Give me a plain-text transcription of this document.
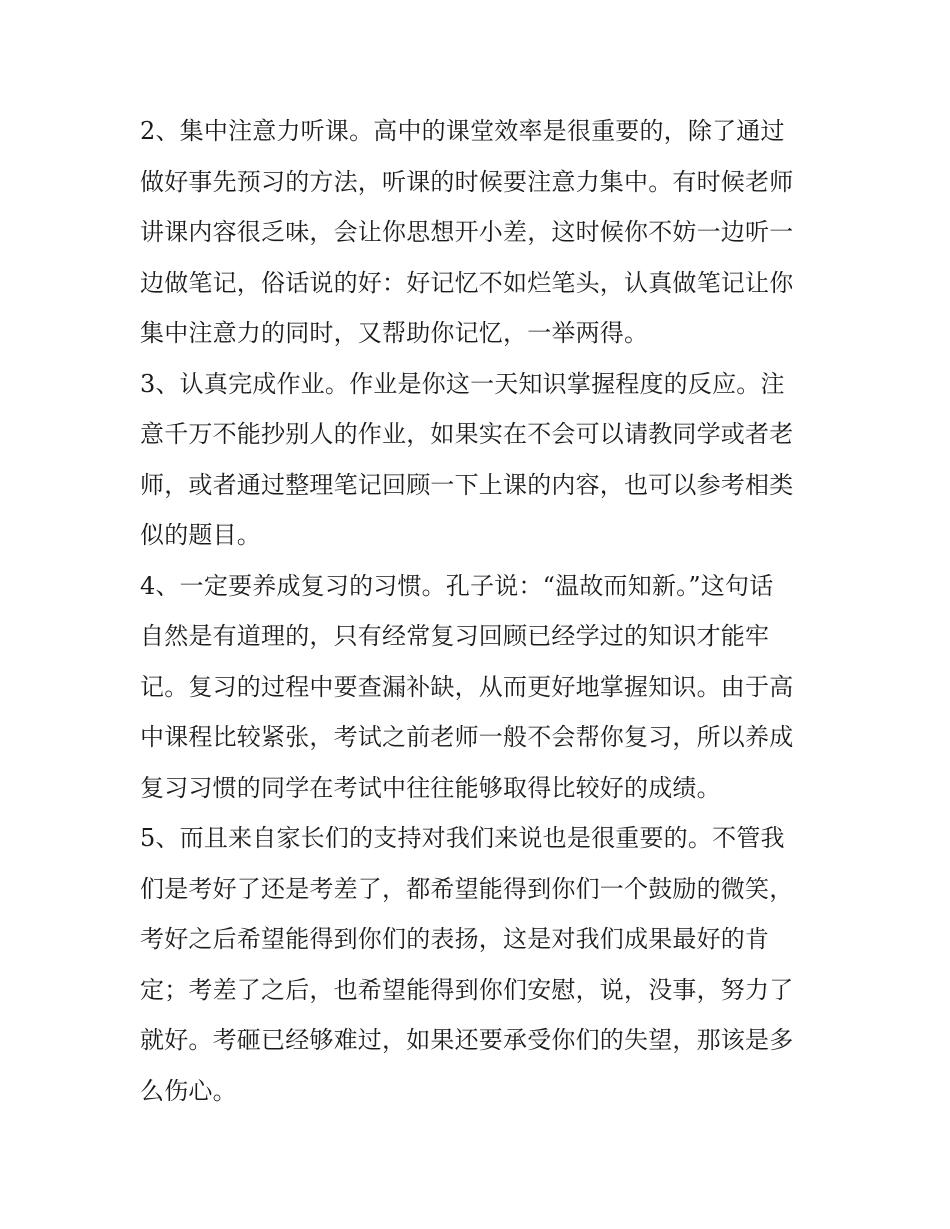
2、集中注意力听课。高中的课堂效率是很重要的，除了通过
做好事先预习的方法，听课的时候要注意力集中。有时候老师
讲课内容很乏味，会让你思想开小差，这时候你不妨一边听一
边做笔记，俗话说的好：好记忆不如烂笔头，认真做笔记让你
集中注意力的同时，又帮助你记忆，一举两得。
3、认真完成作业。作业是你这一天知识掌握程度的反应。注
意千万不能抄别人的作业，如果实在不会可以请教同学或者老
师，或者通过整理笔记回顾一下上课的内容，也可以参考相类
似的题目。
4、一定要养成复习的习惯。孔子说：“温故而知新。”这句话
自然是有道理的，只有经常复习回顾已经学过的知识才能牢
记。复习的过程中要查漏补缺，从而更好地掌握知识。由于高
中课程比较紧张，考试之前老师一般不会帮你复习，所以养成
复习习惯的同学在考试中往往能够取得比较好的成绩。
5、而且来自家长们的支持对我们来说也是很重要的。不管我
们是考好了还是考差了，都希望能得到你们一个鼓励的微笑，
考好之后希望能得到你们的表扬，这是对我们成果最好的肯
定；考差了之后，也希望能得到你们安慰，说，没事，努力了
就好。考砸已经够难过，如果还要承受你们的失望，那该是多
么伤心。
